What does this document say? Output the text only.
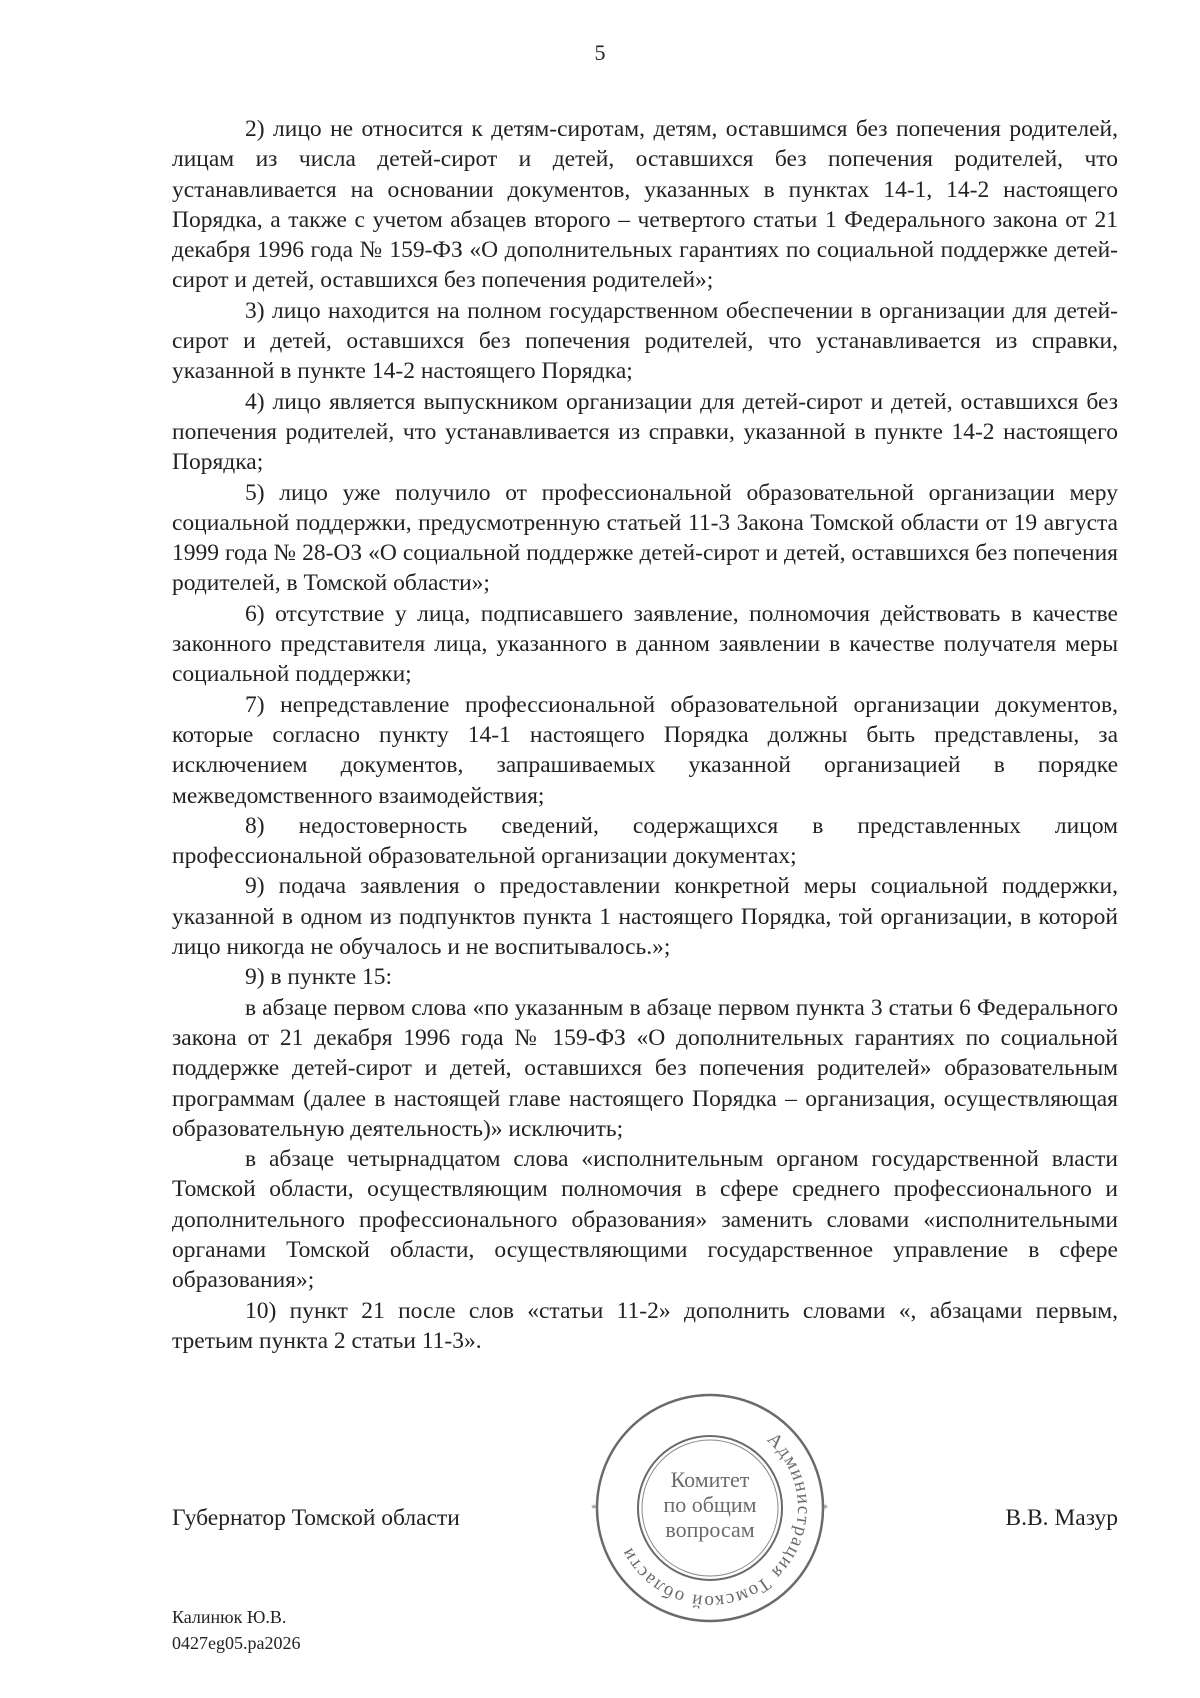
5

2) лицо не относится к детям-сиротам, детям, оставшимся без попечения родителей, лицам из числа детей-сирот и детей, оставшихся без попечения родителей, что устанавливается на основании документов, указанных в пунктах 14-1, 14-2 настоящего Порядка, а также с учетом абзацев второго – четвертого статьи 1 Федерального закона от 21 декабря 1996 года № 159-ФЗ «О дополнительных гарантиях по социальной поддержке детей-сирот и детей, оставшихся без попечения родителей»;

3) лицо находится на полном государственном обеспечении в организации для детей-сирот и детей, оставшихся без попечения родителей, что устанавливается из справки, указанной в пункте 14-2 настоящего Порядка;

4) лицо является выпускником организации для детей-сирот и детей, оставшихся без попечения родителей, что устанавливается из справки, указанной в пункте 14-2 настоящего Порядка;

5) лицо уже получило от профессиональной образовательной организации меру социальной поддержки, предусмотренную статьей 11-3 Закона Томской области от 19 августа 1999 года № 28-ОЗ «О социальной поддержке детей-сирот и детей, оставшихся без попечения родителей, в Томской области»;

6) отсутствие у лица, подписавшего заявление, полномочия действовать в качестве законного представителя лица, указанного в данном заявлении в качестве получателя меры социальной поддержки;

7) непредставление профессиональной образовательной организации документов, которые согласно пункту 14-1 настоящего Порядка должны быть представлены, за исключением документов, запрашиваемых указанной организацией в порядке межведомственного взаимодействия;

8) недостоверность сведений, содержащихся в представленных лицом профессиональной образовательной организации документах;

9) подача заявления о предоставлении конкретной меры социальной поддержки, указанной в одном из подпунктов пункта 1 настоящего Порядка, той организации, в которой лицо никогда не обучалось и не воспитывалось.»;

9) в пункте 15:

в абзаце первом слова «по указанным в абзаце первом пункта 3 статьи 6 Федерального закона от 21 декабря 1996 года № 159-ФЗ «О дополнительных гарантиях по социальной поддержке детей-сирот и детей, оставшихся без попечения родителей» образовательным программам (далее в настоящей главе настоящего Порядка – организация, осуществляющая образовательную деятельность)» исключить;

в абзаце четырнадцатом слова «исполнительным органом государственной власти Томской области, осуществляющим полномочия в сфере среднего профессионального и дополнительного профессионального образования» заменить словами «исполнительными органами Томской области, осуществляющими государственное управление в сфере образования»;

10) пункт 21 после слов «статьи 11-2» дополнить словами «, абзацами первым, третьим пункта 2 статьи 11-3».

Губернатор Томской области	В.В. Мазур
Администрация Томской области
*
*
Комитет
по общим
вопросам
Калинюк Ю.В.
0427eg05.pa2026
